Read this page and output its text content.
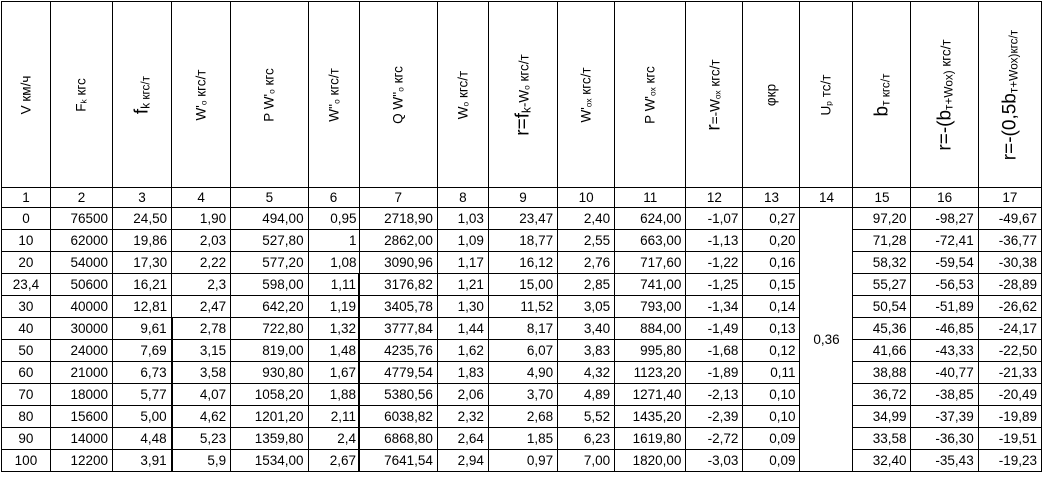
V км/ч	$F_k$ кгс	$f_{k кгс/т}$	$W'_o$ кгс/т	P $W'_o$ кгс	$W''_o$ кгс/т	Q $W''_o$ кгс	$W_o$ кгс/т	$r=f_k-W_o$ кгс/т	$W'_{ох}$ кгс/т	P $W'_{ох}$ кгс	$r=-W_{ох}$ кгс/т	φкр	$U_р$ тс/т	$b_{т кгс/т}$	$r=-(b_{т+Wох)}$ кгс/т	$r=-(0,5b_{т+Wох)кгс/т}$

1	2	3	4	5	6	7	8	9	10	11	12	13	14	15	16	17
0	76500	24,50	1,90	494,00	0,95	2718,90	1,03	23,47	2,40	624,00	-1,07	0,27	0,36	97,20	-98,27	-49,67
10	62000	19,86	2,03	527,80	1	2862,00	1,09	18,77	2,55	663,00	-1,13	0,20		71,28	-72,41	-36,77
20	54000	17,30	2,22	577,20	1,08	3090,96	1,17	16,12	2,76	717,60	-1,22	0,16		58,32	-59,54	-30,38
23,4	50600	16,21	2,3	598,00	1,11	3176,82	1,21	15,00	2,85	741,00	-1,25	0,15		55,27	-56,53	-28,89
30	40000	12,81	2,47	642,20	1,19	3405,78	1,30	11,52	3,05	793,00	-1,34	0,14		50,54	-51,89	-26,62
40	30000	9,61	2,78	722,80	1,32	3777,84	1,44	8,17	3,40	884,00	-1,49	0,13		45,36	-46,85	-24,17
50	24000	7,69	3,15	819,00	1,48	4235,76	1,62	6,07	3,83	995,80	-1,68	0,12		41,66	-43,33	-22,50
60	21000	6,73	3,58	930,80	1,67	4779,54	1,83	4,90	4,32	1123,20	-1,89	0,11		38,88	-40,77	-21,33
70	18000	5,77	4,07	1058,20	1,88	5380,56	2,06	3,70	4,89	1271,40	-2,13	0,10		36,72	-38,85	-20,49
80	15600	5,00	4,62	1201,20	2,11	6038,82	2,32	2,68	5,52	1435,20	-2,39	0,10		34,99	-37,39	-19,89
90	14000	4,48	5,23	1359,80	2,4	6868,80	2,64	1,85	6,23	1619,80	-2,72	0,09		33,58	-36,30	-19,51
100	12200	3,91	5,9	1534,00	2,67	7641,54	2,94	0,97	7,00	1820,00	-3,03	0,09		32,40	-35,43	-19,23
